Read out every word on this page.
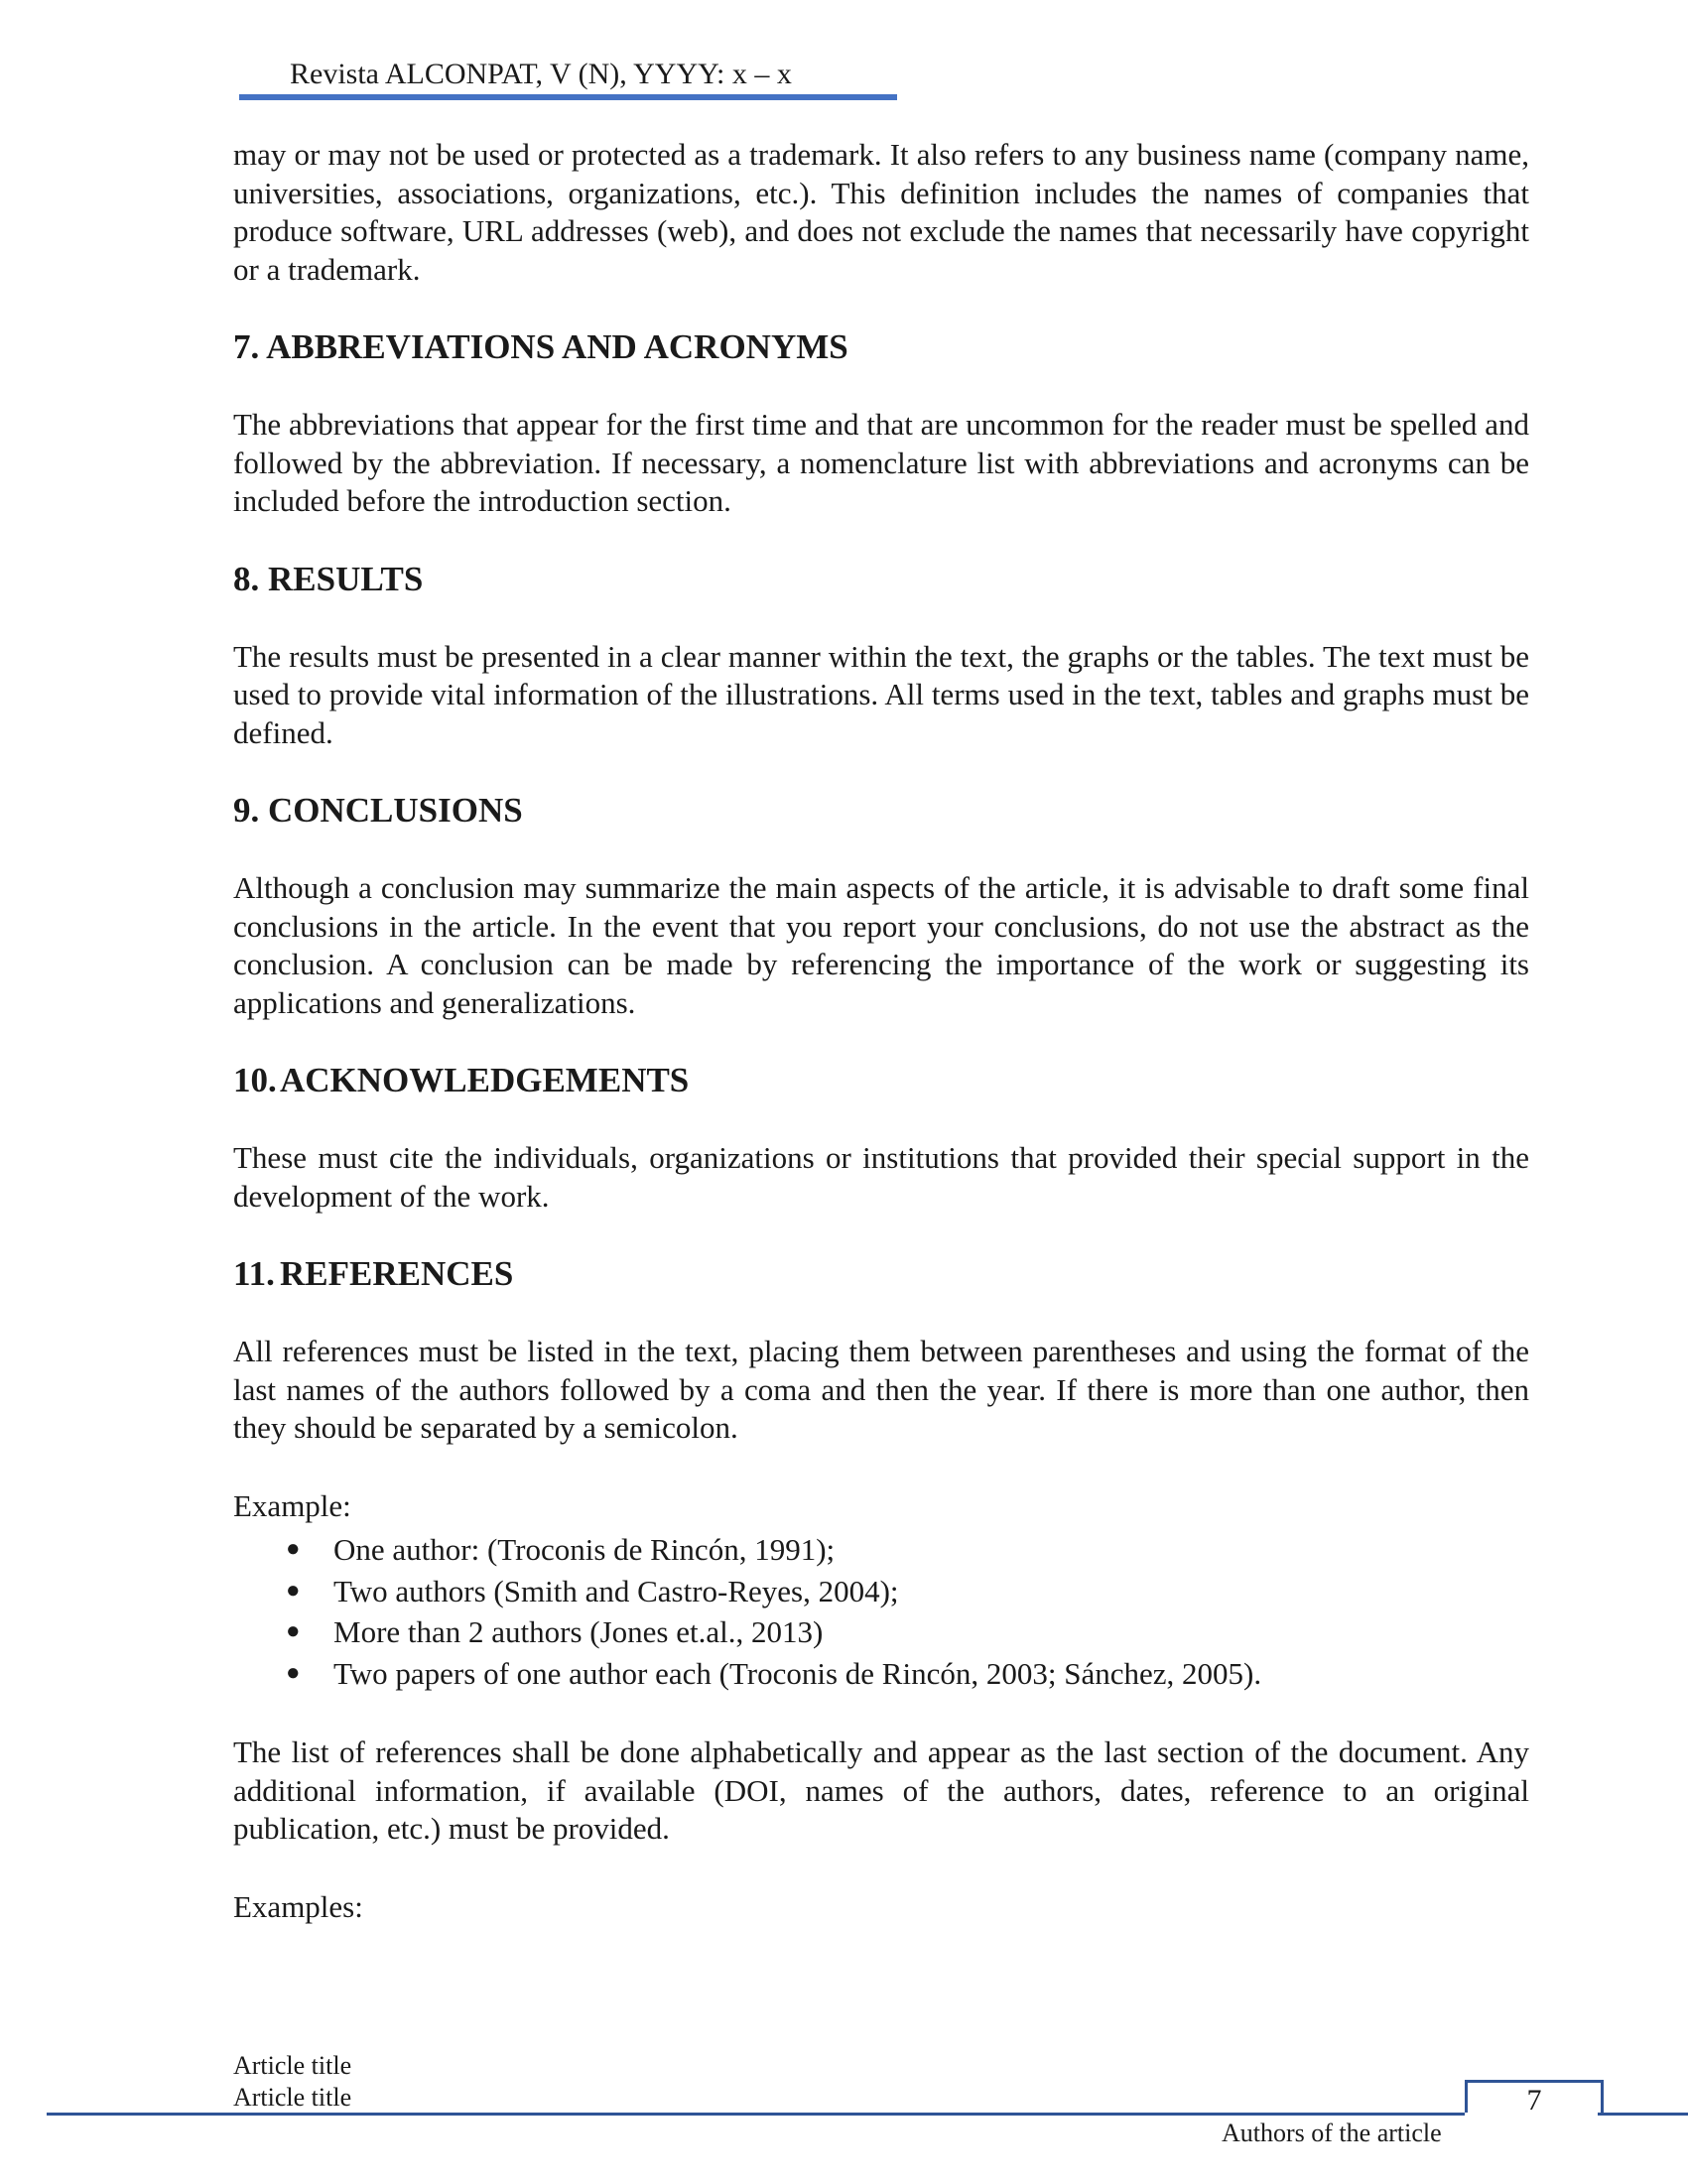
Revista ALCONPAT, V (N), YYYY: x – x

may or may not be used or protected as a trademark. It also refers to any business name (company name, universities, associations, organizations, etc.). This definition includes the names of companies that produce software, URL addresses (web), and does not exclude the names that necessarily have copyright or a trademark.

7. ABBREVIATIONS AND ACRONYMS

The abbreviations that appear for the first time and that are uncommon for the reader must be spelled and followed by the abbreviation. If necessary, a nomenclature list with abbreviations and acronyms can be included before the introduction section.

8. RESULTS

The results must be presented in a clear manner within the text, the graphs or the tables. The text must be used to provide vital information of the illustrations. All terms used in the text, tables and graphs must be defined.

9. CONCLUSIONS

Although a conclusion may summarize the main aspects of the article, it is advisable to draft some final conclusions in the article. In the event that you report your conclusions, do not use the abstract as the conclusion. A conclusion can be made by referencing the importance of the work or suggesting its applications and generalizations.

10.ACKNOWLEDGEMENTS

These must cite the individuals, organizations or institutions that provided their special support in the development of the work.

11. REFERENCES

All references must be listed in the text, placing them between parentheses and using the format of the last names of the authors followed by a coma and then the year. If there is more than one author, then they should be separated by a semicolon.

Example:

● One author: (Troconis de Rincón, 1991);
● Two authors (Smith and Castro-Reyes, 2004);
● More than 2 authors (Jones et.al., 2013)
● Two papers of one author each (Troconis de Rincón, 2003; Sánchez, 2005).

The list of references shall be done alphabetically and appear as the last section of the document. Any additional information, if available (DOI, names of the authors, dates, reference to an original publication, etc.) must be provided.

Examples:

Article title
Article title	7
Authors of the article
